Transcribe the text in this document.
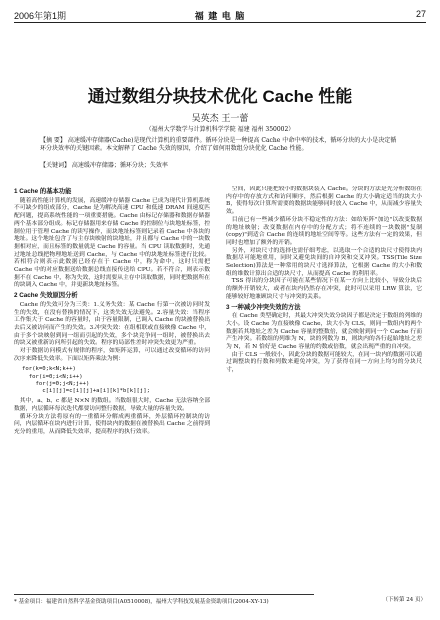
2006年第1期	福 建 电 脑	27
通过数组分块技术优化 Cache 性能
吴英杰 王一蕾
（福州大学数学与计算机科学学院 福建 福州 350002）
【摘 要】 高速缓冲存储器(Cache)是现代计算机的重要部件。循环分块是一种提高 Cache 中命中率的技术，循环分块的大小是决定循环分块效率的关键因素。本文解释了 Cache 失效的原因，介绍了如何用数组分块优化 Cache 性能。
【关键词】 高速缓冲存储器；循环分块；失效率
1 Cache 的基本功能
随着高性能计算机的发展，高速缓冲存储器 Cache 已成为现代计算机系统不可缺少的组成部分，Cache 是为解决高速 CPU 和低速 DRAM 间速度匹配问题，提高系统性能的一项重要措施。Cache 由标记存储器和数据存储器两个基本部分组成。标记存储器用来存储 Cache 的控制位与块地址标签，控制位用于管理 Cache 的读写操作，而块地址标签则记录着 Cache 中各块的地址。这个地址包含了与主存块映射的块地址，并且都与 Cache 中的一块数据相对应，而且标签的数量就是 Cache 的容量。当 CPU 读取数据时，先通过地址总线把物理地址送到 Cache，与 Cache 中的块地址标签进行比较。若相符合则表示此数据已经存在于 Cache 中，称为命中，这时只需把 Cache 中的对应数据送给数据总线直接传送给 CPU。若不符合，则表示数据不在 Cache 中，称为失效，这时需要从主存中读取数据，同时把数据所在的块调入 Cache 中，并更新块地址标签。
2 Cache 失效原因分析
Cache 的失效可分为三类：1.义务失效：某 Cache 行第一次被访问时发生的失效，在没有替换的情况下，这类失效无法避免。2.容量失效：当程序工作集大于 Cache 的容量时，由于容量限制，已调入 Cache 的块被替换出去后又被访问而产生的失效。3.冲突失效：在组相联或直接映像 Cache 中，由于多个块映射到同一组而引起的失效，多个块竞争同一组时，被替换出去的块又被重新访问所引起的失效。程序的局部性差时冲突失效更为严重。
对于数据访问模式有规律的程序，如矩阵运算，可以通过改变循环的访问次序来降低失效率。下面以矩阵乘法为例：
for(k=0;k<N;k++)
for(i=0;i<N;i++)
for(j=0;j<N;j++)
c[i][j]=c[i][j]+a[i][k]*b[k][j];
其中，a、b、c 都是 N×N 的数组。当数组很大时，Cache 无法容纳全部数据，内层循环每次迭代都要访问整行数据，导致大量的容量失效。
循环分块方法将原有的一重循环分解成两重循环，外层循环控制块的访问，内层循环在块内进行计算，使得块内的数据在被替换出 Cache 之前得到充分的重用，从而降低失效率，提高程序的执行效率。
空间，因此只能把较小的数据块装入 Cache。分块的方法是先分析数组在内存中的存放方式和访问顺序，然后根据 Cache 的大小确定适当的块大小 B，使得每次计算所需要的数据块能够同时放入 Cache 中，从而减少容量失效。
目前已有一些减少循环分块不稳定性的方法：如给矩阵"加边"以改变数据的地址映射；改变数据在内存中的分配方式；将不连续的一块数据"复制(copy)"到适合 Cache 的连续的地址空间等等。这些方法有一定的效果，但同时也增加了额外的开销。
另外，对块尺寸的选择也需仔细考虑，以选取一个合适的块尺寸使得块内数据尽可能地重用，同时又避免块间的自冲突和交叉冲突。TSS(Tile Size Selection)算法是一种常用的块尺寸选择算法，它根据 Cache 的大小和数组的维数计算出合适的块尺寸，从而提高 Cache 的利用率。
TSS 得出的分块因子可能在某些情况下在某一方向上比较小，导致分块后的额外开销较大，或者在块内仍然存在冲突，此时可以采用 LRW 算法，它能够较好地兼顾块尺寸与冲突的关系。
3 一种减少冲突失效的方法
在 Cache 类型确定时，其最大冲突失效分块因子都是决定于数组的列维的大小。设 Cache 为直接映像 Cache，块大小为 CLS，则同一数组内的两个数据若其地址之差为 Cache 容量的整数倍，就会映射到同一个 Cache 行而产生冲突。若数组的列维为 N，块的列数为 B，则块内的各行起始地址之差为 N，若 N 恰好是 Cache 容量的约数或倍数，就会出现严重的自冲突。
由于 CLS 一般较小，因此分块的数据可能较大，在同一块内的数据可以通过调整块的行数和列数来避免冲突，为了获得在同一方向上均匀的分块尺寸，
* 基金项目：福建省自然科学基金资助项目(A0510008)，福州大学科技发展基金资助项目(2004-XY-13)	（下转第 24 页）
